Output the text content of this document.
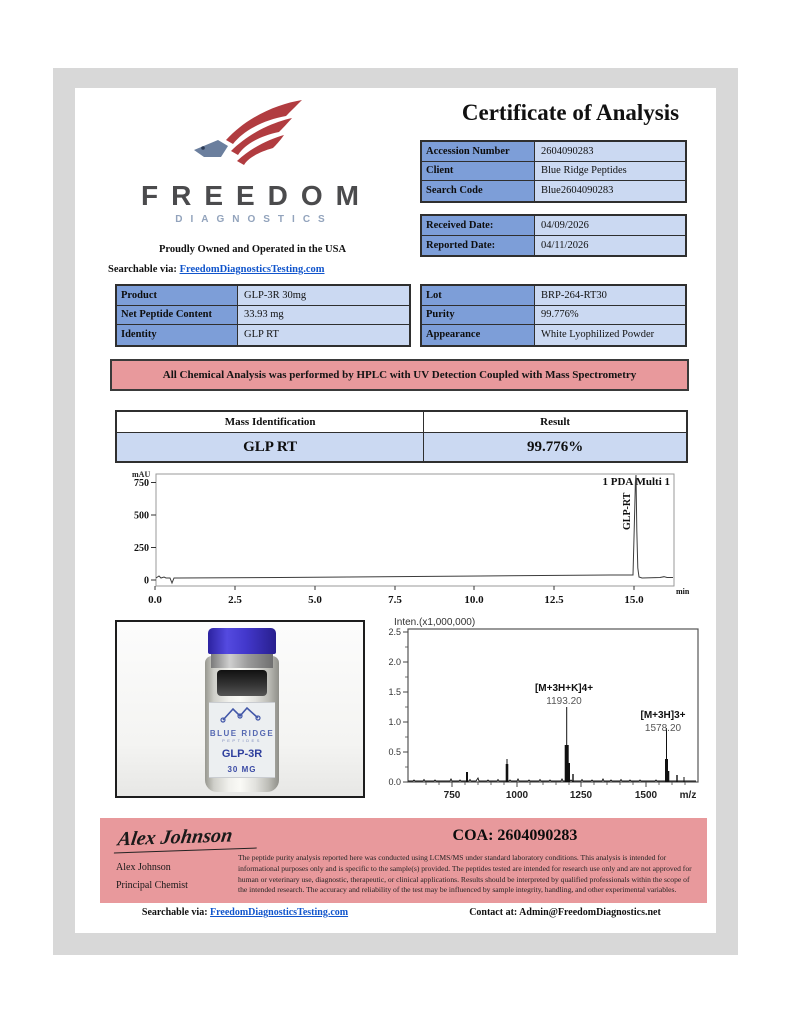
FREEDOM
DIAGNOSTICS
Certificate of Analysis
Accession Number	2604090283
Client	Blue Ridge Peptides
Search Code	Blue2604090283
Received Date:	04/09/2026
Reported Date:	04/11/2026
Proudly Owned and Operated in the USA
Searchable via: FreedomDiagnosticsTesting.com
Product	GLP-3R 30mg
Net Peptide Content	33.93 mg
Identity	GLP RT
Lot	BRP-264-RT30
Purity	99.776%
Appearance	White Lyophilized Powder
All Chemical Analysis was performed by HPLC with UV Detection Coupled with Mass Spectrometry
Mass Identification	Result
GLP RT	99.776%
mAU
1 PDA Multi 1
750
500
250
0
0.0	2.5	5.0	7.5	10.0	12.5	15.0
min
GLP-RT
BLUE RIDGE
PEPTIDES
GLP-3R
30 MG
Inten.(x1,000,000)
2.5
2.0
1.5
1.0
0.5
0.0
750	1000	1250	1500 m/z
[M+3H+K]4+
1193.20
[M+3H]3+
1578.20
Alex Johnson
Alex Johnson
Principal Chemist
COA: 2604090283
The peptide purity analysis reported here was conducted using LCMS/MS under standard laboratory conditions. This analysis is intended for informational purposes only and is specific to the sample(s) provided. The peptides tested are intended for research use only and are not approved for human or veterinary use, diagnostic, therapeutic, or clinical applications. Results should be interpreted by qualified professionals within the scope of the intended research. The accuracy and reliability of the test may be influenced by sample integrity, handling, and other experimental variables.
Searchable via: FreedomDiagnosticsTesting.com	Contact at: Admin@FreedomDiagnostics.net
